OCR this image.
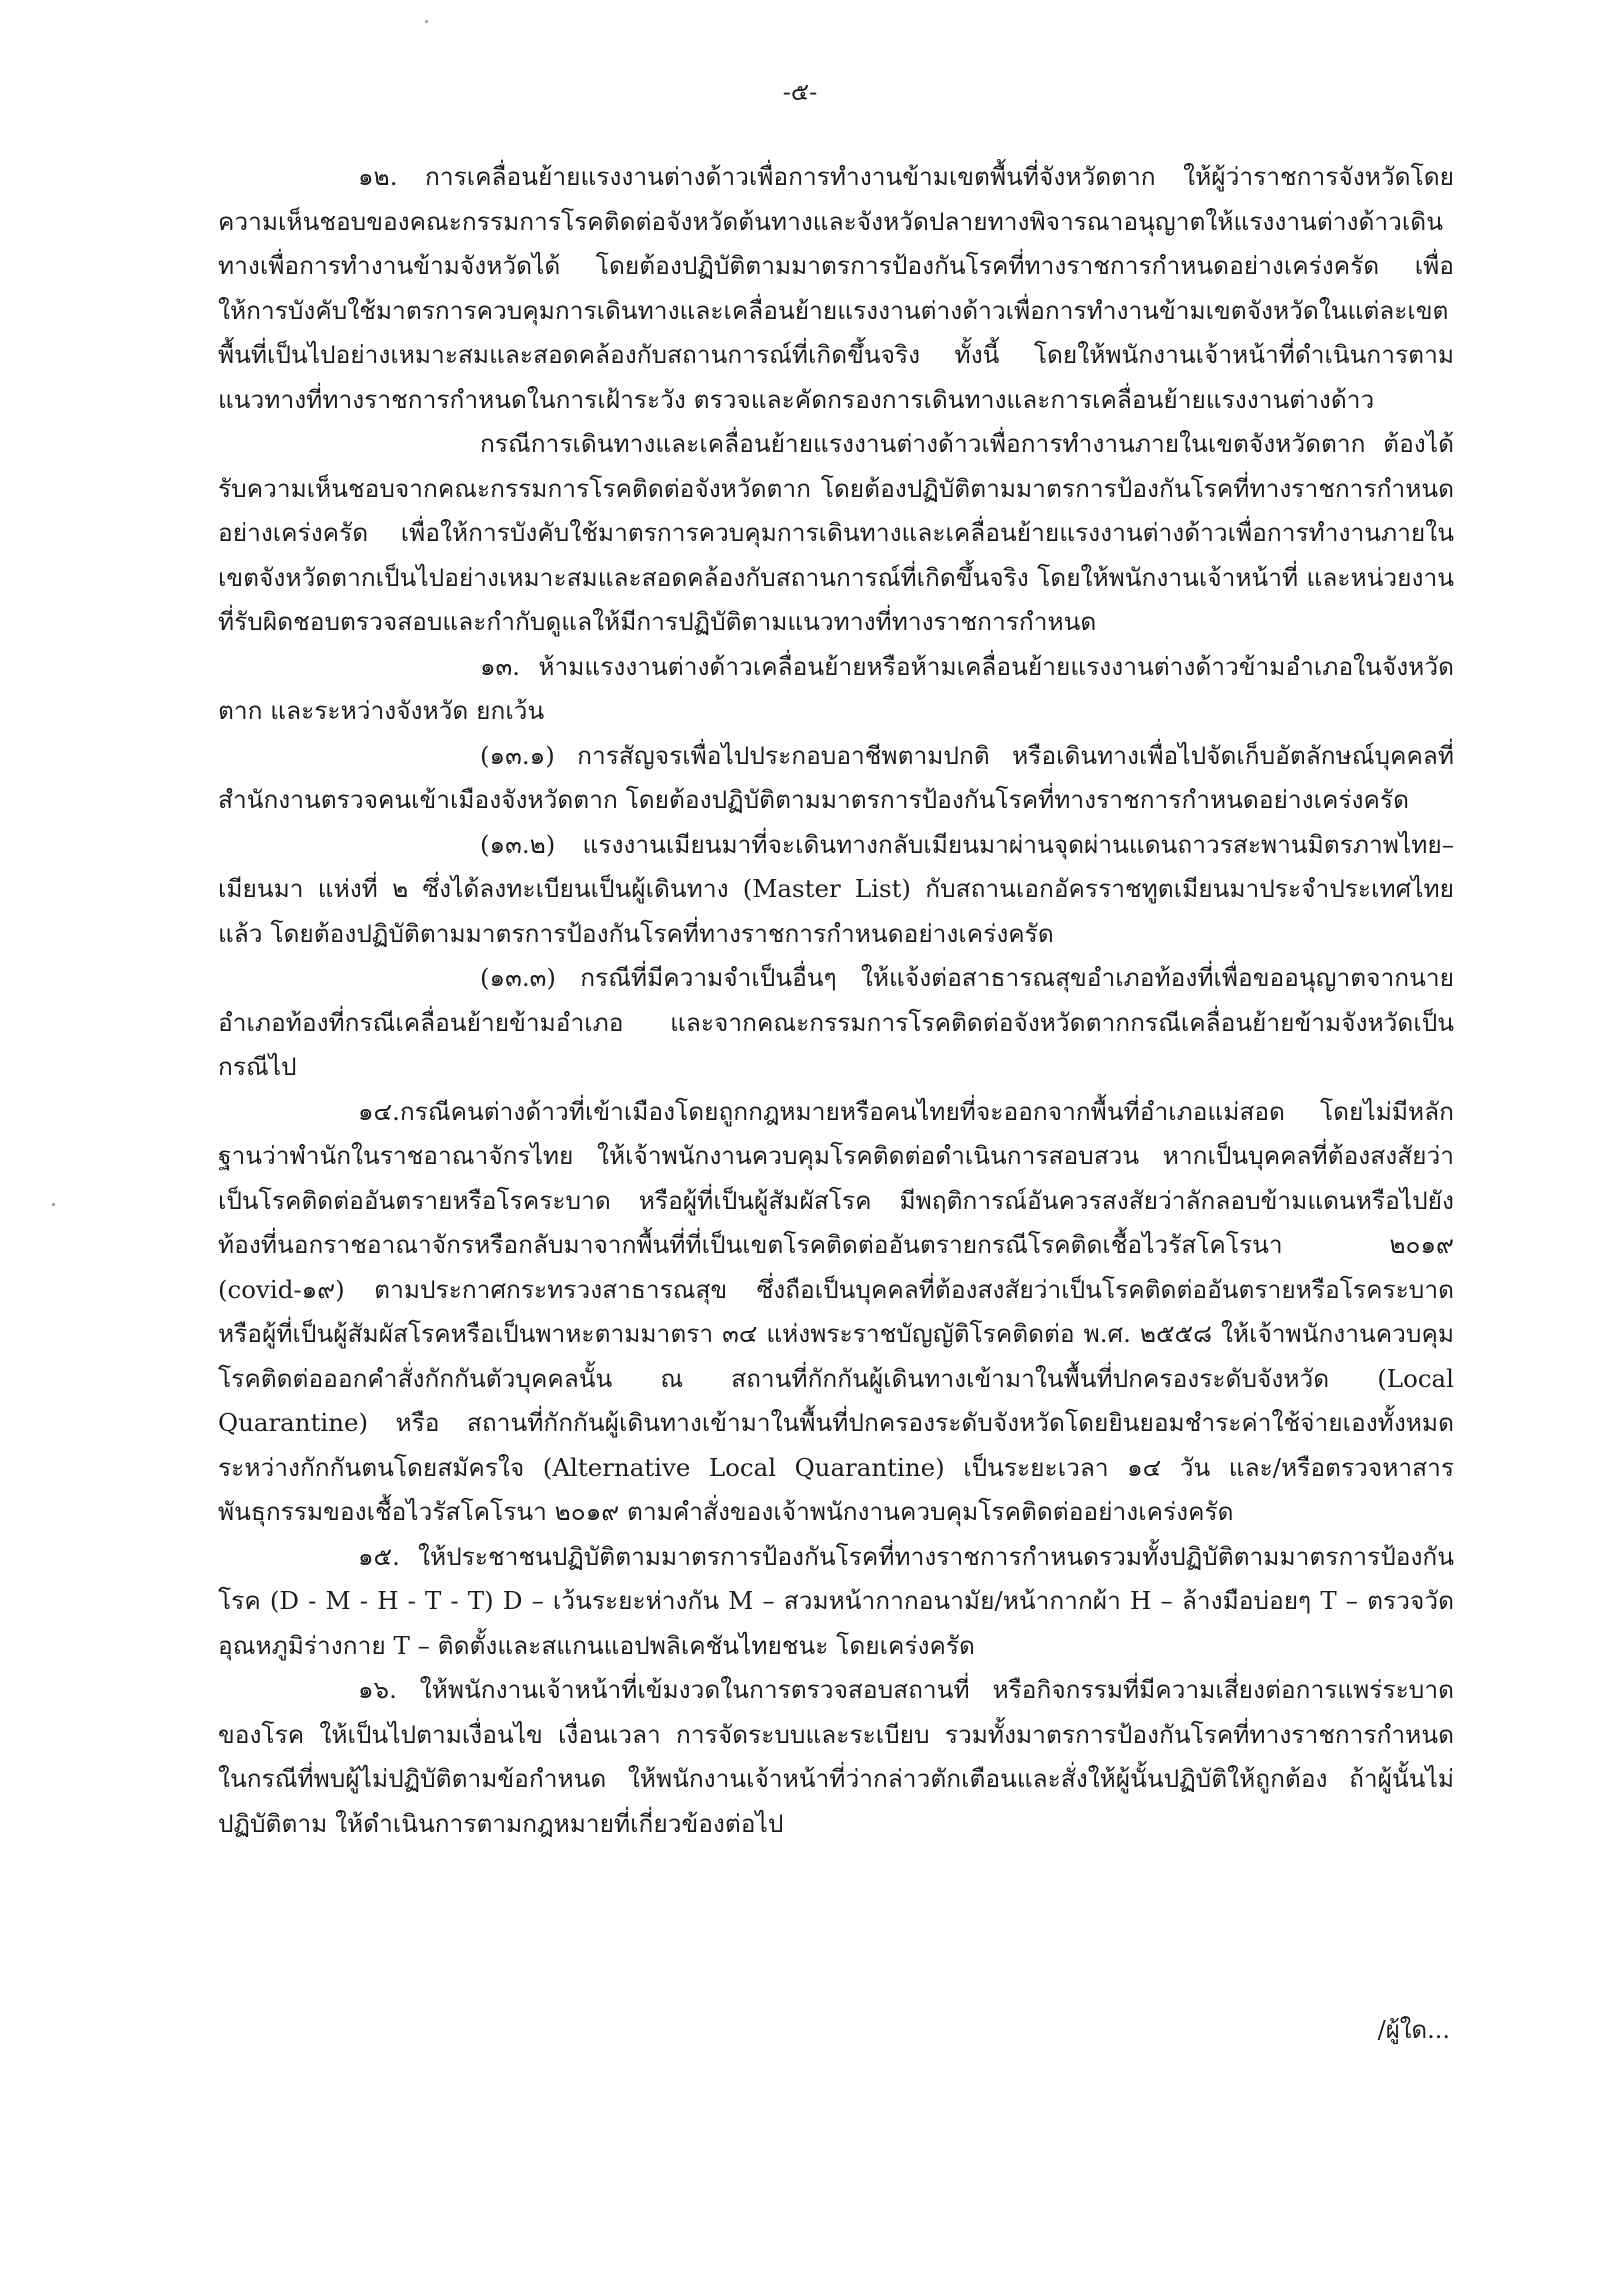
-๕-

๑๒. การเคลื่อนย้ายแรงงานต่างด้าวเพื่อการทำงานข้ามเขตพื้นที่จังหวัดตาก ให้ผู้ว่าราชการจังหวัดโดยความเห็นชอบของคณะกรรมการโรคติดต่อจังหวัดต้นทางและจังหวัดปลายทางพิจารณาอนุญาตให้แรงงานต่างด้าวเดินทางเพื่อการทำงานข้ามจังหวัดได้ โดยต้องปฏิบัติตามมาตรการป้องกันโรคที่ทางราชการกำหนดอย่างเคร่งครัด เพื่อให้การบังคับใช้มาตรการควบคุมการเดินทางและเคลื่อนย้ายแรงงานต่างด้าวเพื่อการทำงานข้ามเขตจังหวัดในแต่ละเขตพื้นที่เป็นไปอย่างเหมาะสมและสอดคล้องกับสถานการณ์ที่เกิดขึ้นจริง ทั้งนี้ โดยให้พนักงานเจ้าหน้าที่ดำเนินการตามแนวทางที่ทางราชการกำหนดในการเฝ้าระวัง ตรวจและคัดกรองการเดินทางและการเคลื่อนย้ายแรงงานต่างด้าว

กรณีการเดินทางและเคลื่อนย้ายแรงงานต่างด้าวเพื่อการทำงานภายในเขตจังหวัดตาก ต้องได้รับความเห็นชอบจากคณะกรรมการโรคติดต่อจังหวัดตาก โดยต้องปฏิบัติตามมาตรการป้องกันโรคที่ทางราชการกำหนดอย่างเคร่งครัด เพื่อให้การบังคับใช้มาตรการควบคุมการเดินทางและเคลื่อนย้ายแรงงานต่างด้าวเพื่อการทำงานภายในเขตจังหวัดตากเป็นไปอย่างเหมาะสมและสอดคล้องกับสถานการณ์ที่เกิดขึ้นจริง โดยให้พนักงานเจ้าหน้าที่ และหน่วยงานที่รับผิดชอบตรวจสอบและกำกับดูแลให้มีการปฏิบัติตามแนวทางที่ทางราชการกำหนด

๑๓. ห้ามแรงงานต่างด้าวเคลื่อนย้ายหรือห้ามเคลื่อนย้ายแรงงานต่างด้าวข้ามอำเภอในจังหวัดตาก และระหว่างจังหวัด ยกเว้น

(๑๓.๑) การสัญจรเพื่อไปประกอบอาชีพตามปกติ หรือเดินทางเพื่อไปจัดเก็บอัตลักษณ์บุคคลที่สำนักงานตรวจคนเข้าเมืองจังหวัดตาก โดยต้องปฏิบัติตามมาตรการป้องกันโรคที่ทางราชการกำหนดอย่างเคร่งครัด

(๑๓.๒) แรงงานเมียนมาที่จะเดินทางกลับเมียนมาผ่านจุดผ่านแดนถาวรสะพานมิตรภาพไทย–เมียนมา แห่งที่ ๒ ซึ่งได้ลงทะเบียนเป็นผู้เดินทาง (Master List) กับสถานเอกอัครราชทูตเมียนมาประจำประเทศไทยแล้ว โดยต้องปฏิบัติตามมาตรการป้องกันโรคที่ทางราชการกำหนดอย่างเคร่งครัด

(๑๓.๓) กรณีที่มีความจำเป็นอื่นๆ ให้แจ้งต่อสาธารณสุขอำเภอท้องที่เพื่อขออนุญาตจากนายอำเภอท้องที่กรณีเคลื่อนย้ายข้ามอำเภอ และจากคณะกรรมการโรคติดต่อจังหวัดตากกรณีเคลื่อนย้ายข้ามจังหวัดเป็นกรณีไป

๑๔.กรณีคนต่างด้าวที่เข้าเมืองโดยถูกกฎหมายหรือคนไทยที่จะออกจากพื้นที่อำเภอแม่สอด โดยไม่มีหลักฐานว่าพำนักในราชอาณาจักรไทย ให้เจ้าพนักงานควบคุมโรคติดต่อดำเนินการสอบสวน หากเป็นบุคคลที่ต้องสงสัยว่าเป็นโรคติดต่ออันตรายหรือโรคระบาด หรือผู้ที่เป็นผู้สัมผัสโรค มีพฤติการณ์อันควรสงสัยว่าลักลอบข้ามแดนหรือไปยังท้องที่นอกราชอาณาจักรหรือกลับมาจากพื้นที่ที่เป็นเขตโรคติดต่ออันตรายกรณีโรคติดเชื้อไวรัสโคโรนา ๒๐๑๙ (covid-๑๙) ตามประกาศกระทรวงสาธารณสุข ซึ่งถือเป็นบุคคลที่ต้องสงสัยว่าเป็นโรคติดต่ออันตรายหรือโรคระบาด หรือผู้ที่เป็นผู้สัมผัสโรคหรือเป็นพาหะตามมาตรา ๓๔ แห่งพระราชบัญญัติโรคติดต่อ พ.ศ. ๒๕๕๘ ให้เจ้าพนักงานควบคุมโรคติดต่อออกคำสั่งกักกันตัวบุคคลนั้น ณ สถานที่กักกันผู้เดินทางเข้ามาในพื้นที่ปกครองระดับจังหวัด (Local Quarantine) หรือ สถานที่กักกันผู้เดินทางเข้ามาในพื้นที่ปกครองระดับจังหวัดโดยยินยอมชำระค่าใช้จ่ายเองทั้งหมดระหว่างกักกันตนโดยสมัครใจ (Alternative Local Quarantine) เป็นระยะเวลา ๑๔ วัน และ/หรือตรวจหาสารพันธุกรรมของเชื้อไวรัสโคโรนา ๒๐๑๙ ตามคำสั่งของเจ้าพนักงานควบคุมโรคติดต่ออย่างเคร่งครัด

๑๕. ให้ประชาชนปฏิบัติตามมาตรการป้องกันโรคที่ทางราชการกำหนดรวมทั้งปฏิบัติตามมาตรการป้องกันโรค (D - M - H - T - T) D – เว้นระยะห่างกัน M – สวมหน้ากากอนามัย/หน้ากากผ้า H – ล้างมือบ่อยๆ T – ตรวจวัดอุณหภูมิร่างกาย T – ติดตั้งและสแกนแอปพลิเคชันไทยชนะ โดยเคร่งครัด

๑๖. ให้พนักงานเจ้าหน้าที่เข้มงวดในการตรวจสอบสถานที่ หรือกิจกรรมที่มีความเสี่ยงต่อการแพร่ระบาดของโรค ให้เป็นไปตามเงื่อนไข เงื่อนเวลา การจัดระบบและระเบียบ รวมทั้งมาตรการป้องกันโรคที่ทางราชการกำหนด ในกรณีที่พบผู้ไม่ปฏิบัติตามข้อกำหนด ให้พนักงานเจ้าหน้าที่ว่ากล่าวตักเตือนและสั่งให้ผู้นั้นปฏิบัติให้ถูกต้อง ถ้าผู้นั้นไม่ปฏิบัติตาม ให้ดำเนินการตามกฎหมายที่เกี่ยวข้องต่อไป

/ผู้ใด...
